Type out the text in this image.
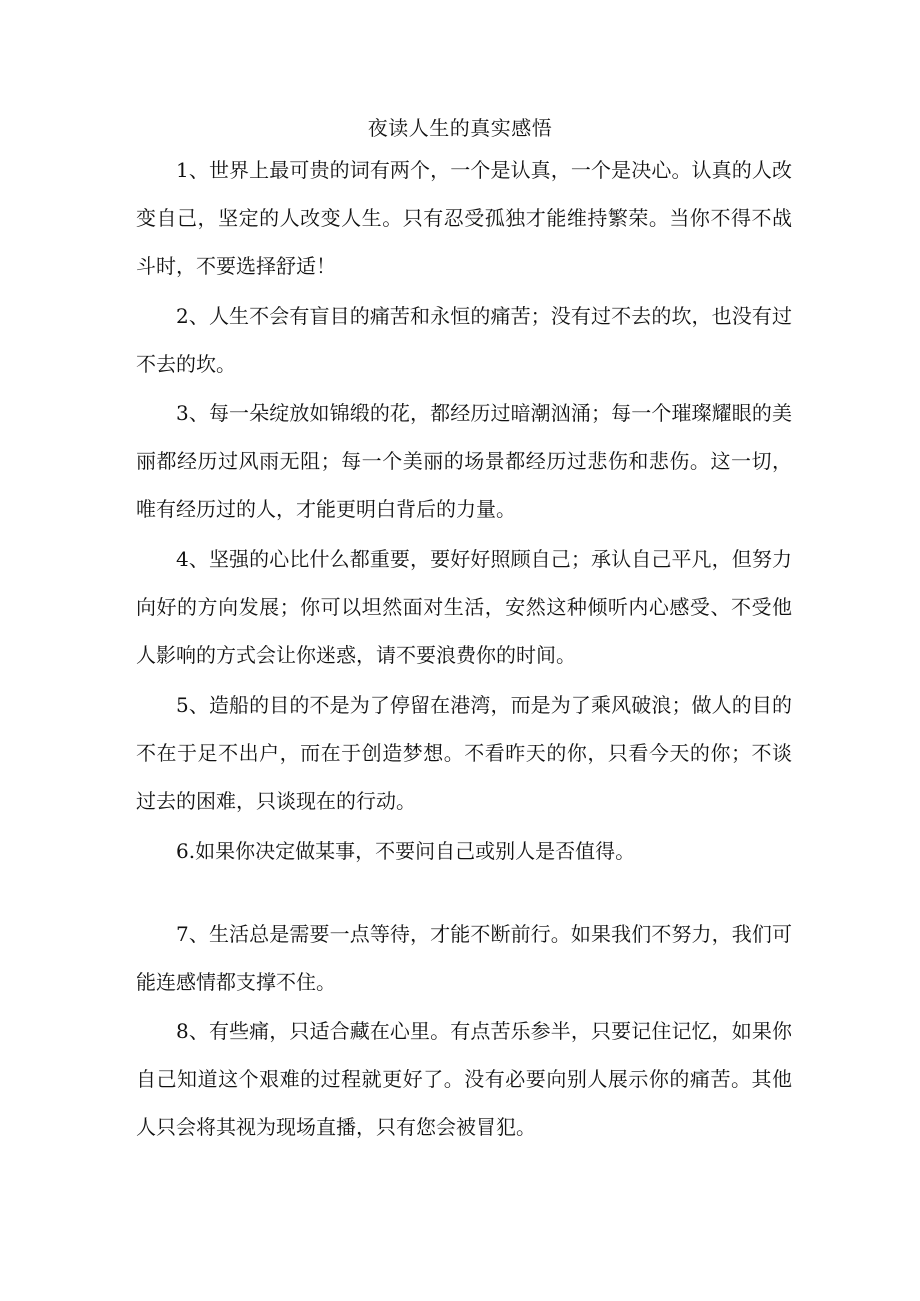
夜读人生的真实感悟

1、世界上最可贵的词有两个，一个是认真，一个是决心。认真的人改变自己，坚定的人改变人生。只有忍受孤独才能维持繁荣。当你不得不战斗时，不要选择舒适！

2、人生不会有盲目的痛苦和永恒的痛苦；没有过不去的坎，也没有过不去的坎。

3、每一朵绽放如锦缎的花，都经历过暗潮汹涌；每一个璀璨耀眼的美丽都经历过风雨无阻；每一个美丽的场景都经历过悲伤和悲伤。这一切，唯有经历过的人，才能更明白背后的力量。

4、坚强的心比什么都重要，要好好照顾自己；承认自己平凡，但努力向好的方向发展；你可以坦然面对生活，安然这种倾听内心感受、不受他人影响的方式会让你迷惑，请不要浪费你的时间。

5、造船的目的不是为了停留在港湾，而是为了乘风破浪；做人的目的不在于足不出户，而在于创造梦想。不看昨天的你，只看今天的你；不谈过去的困难，只谈现在的行动。

6.如果你决定做某事，不要问自己或别人是否值得。

7、生活总是需要一点等待，才能不断前行。如果我们不努力，我们可能连感情都支撑不住。

8、有些痛，只适合藏在心里。有点苦乐参半，只要记住记忆，如果你自己知道这个艰难的过程就更好了。没有必要向别人展示你的痛苦。其他人只会将其视为现场直播，只有您会被冒犯。
